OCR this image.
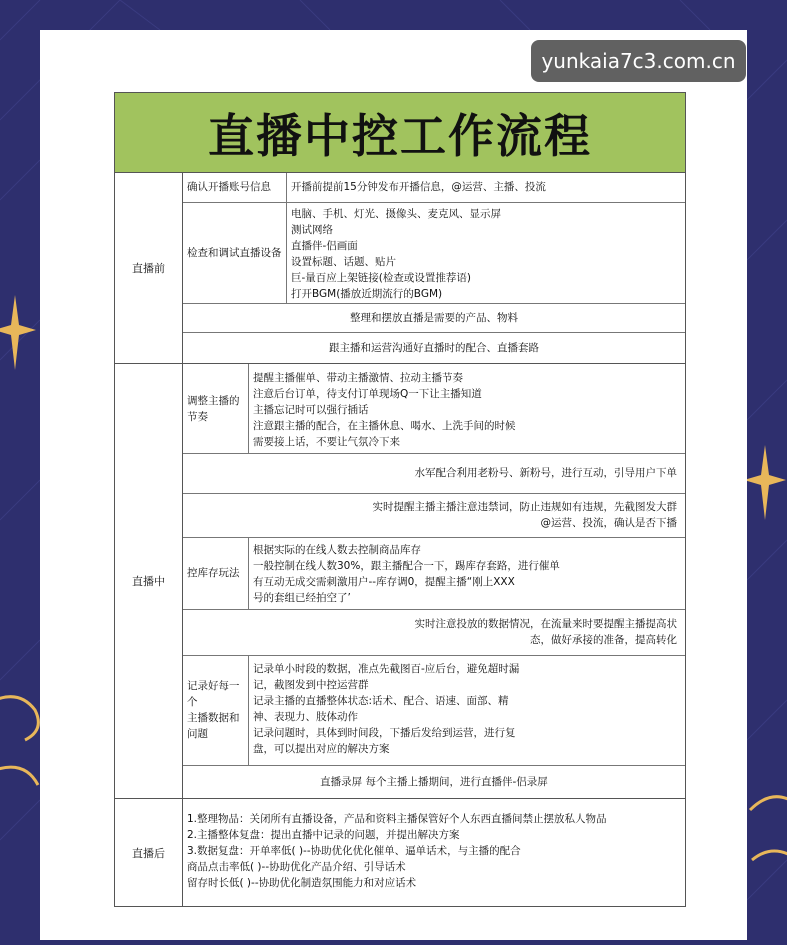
yunkaia7c3.com.cn
直播中控工作流程
直播前
确认开播账号信息	开播前提前15分钟发布开播信息，@运营、主播、投流
检查和调试直播设备
电脑、手机、灯光、摄像头、麦克风、显示屏
测试网络
直播伴-侣画面
设置标题、话题、贴片
巨-量百应上架链接(检查或设置推荐语)
打开BGM(播放近期流行的BGM)
整理和摆放直播是需要的产品、物料
跟主播和运营沟通好直播时的配合、直播套路
直播中
调整主播的
节奏
提醒主播催单、带动主播激情、拉动主播节奏
注意后台订单，待支付订单现场Q一下让主播知道
主播忘记时可以强行插话
注意跟主播的配合，在主播休息、喝水、上洗手间的时候
需要接上话，不要让气氛冷下来
水军配合利用老粉号、新粉号，进行互动，引导用户下单
实时提醒主播主播注意违禁词，防止违规如有违规，先截图发大群
@运营、投流，确认是否下播
控库存玩法
根据实际的在线人数去控制商品库存
一般控制在线人数30%，跟主播配合一下，踢库存套路，进行催单
有互动无成交需刺激用户--库存调0，提醒主播“刚上XXX
号的套组已经拍空了’
实时注意投放的数据情况，在流量来时要提醒主播提高状
态，做好承接的准备，提高转化
记录好每一
个
主播数据和
问题
记录单小时段的数据，准点先截图百-应后台，避免超时漏
记，截图发到中控运营群
记录主播的直播整体状态:话术、配合、语速、面部、精
神、表现力、肢体动作
记录问题时，具体到时间段，下播后发给到运营，进行复
盘，可以提出对应的解决方案
直播录屏 每个主播上播期间，进行直播伴-侣录屏
直播后
1.整理物品：关闭所有直播设备，产品和资料主播保管好个人东西直播间禁止摆放私人物品
2.主播整体复盘：提出直播中记录的问题，并提出解决方案
3.数据复盘：开单率低( )--协助优化优化催单、逼单话术，与主播的配合
商品点击率低( )--协助优化产品介绍、引导话术
留存时长低( )--协助优化制造氛围能力和对应话术
